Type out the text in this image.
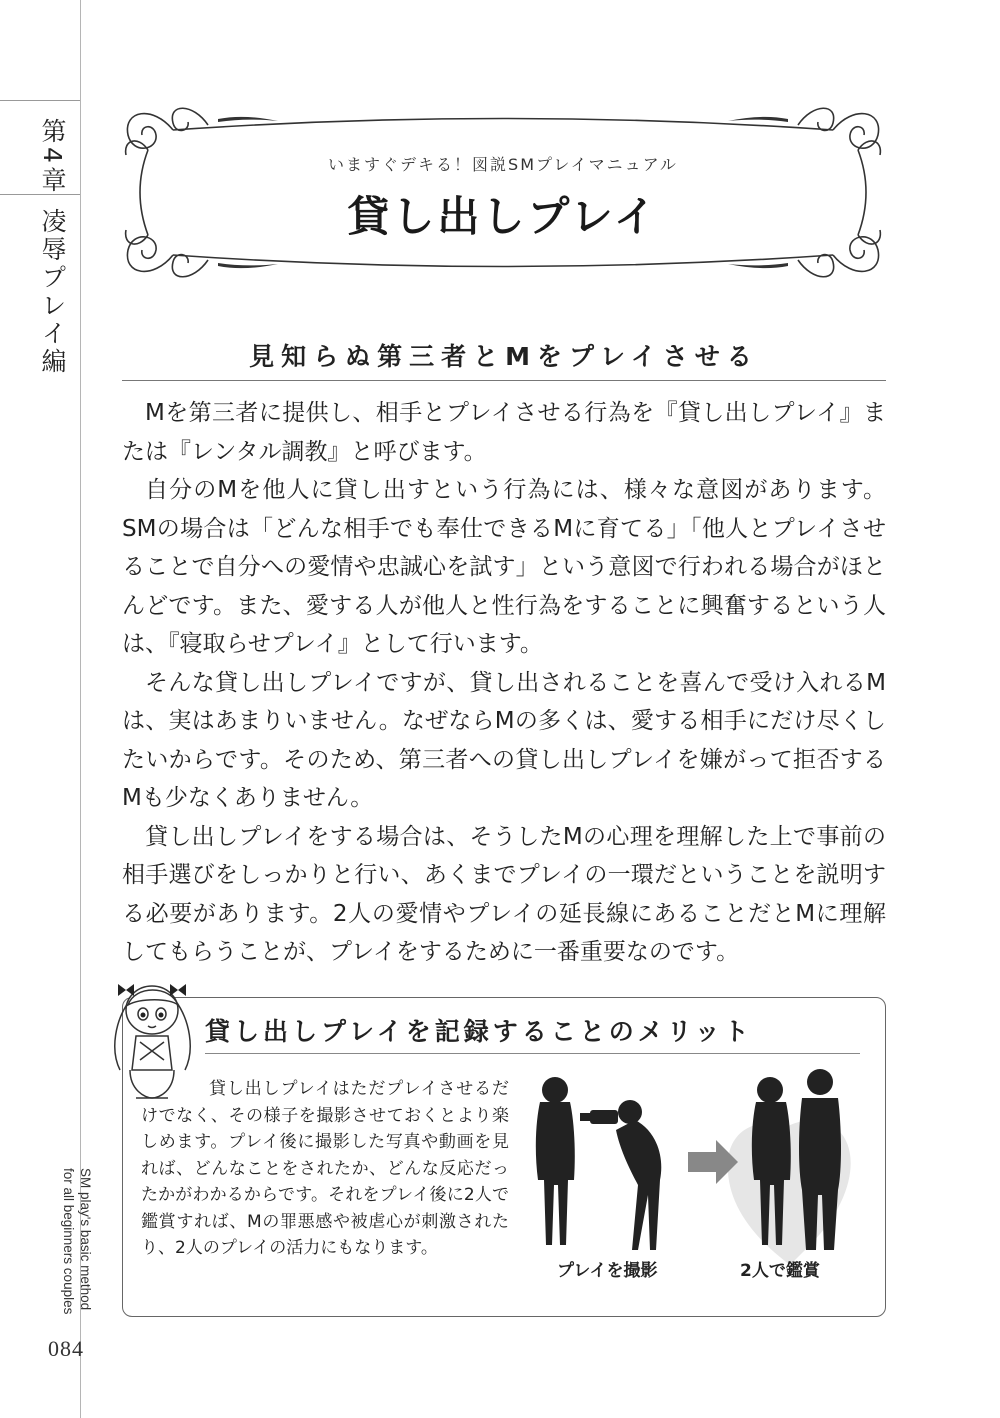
第4章
凌辱プレイ編
SM play's basic method
for all beginners couples
084
いますぐデキる！図説SMプレイマニュアル
貸し出しプレイ
見知らぬ第三者とMをプレイさせる

Mを第三者に提供し、相手とプレイさせる行為を『貸し出しプレイ』または『レンタル調教』と呼びます。

自分のMを他人に貸し出すという行為には、様々な意図があります。SMの場合は「どんな相手でも奉仕できるMに育てる」「他人とプレイさせることで自分への愛情や忠誠心を試す」という意図で行われる場合がほとんどです。また、愛する人が他人と性行為をすることに興奮するという人は、『寝取らせプレイ』として行います。

そんな貸し出しプレイですが、貸し出されることを喜んで受け入れるMは、実はあまりいません。なぜならMの多くは、愛する相手にだけ尽くしたいからです。そのため、第三者への貸し出しプレイを嫌がって拒否するMも少なくありません。

貸し出しプレイをする場合は、そうしたMの心理を理解した上で事前の相手選びをしっかりと行い、あくまでプレイの一環だということを説明する必要があります。2人の愛情やプレイの延長線にあることだとMに理解してもらうことが、プレイをするために一番重要なのです。

貸し出しプレイを記録することのメリット

貸し出しプレイはただプレイさせるだけでなく、その様子を撮影させておくとより楽しめます。プレイ後に撮影した写真や動画を見れば、どんなことをされたか、どんな反応だったかがわかるからです。それをプレイ後に2人で鑑賞すれば、Mの罪悪感や被虐心が刺激されたり、2人のプレイの活力にもなります。

プレイを撮影	2人で鑑賞
